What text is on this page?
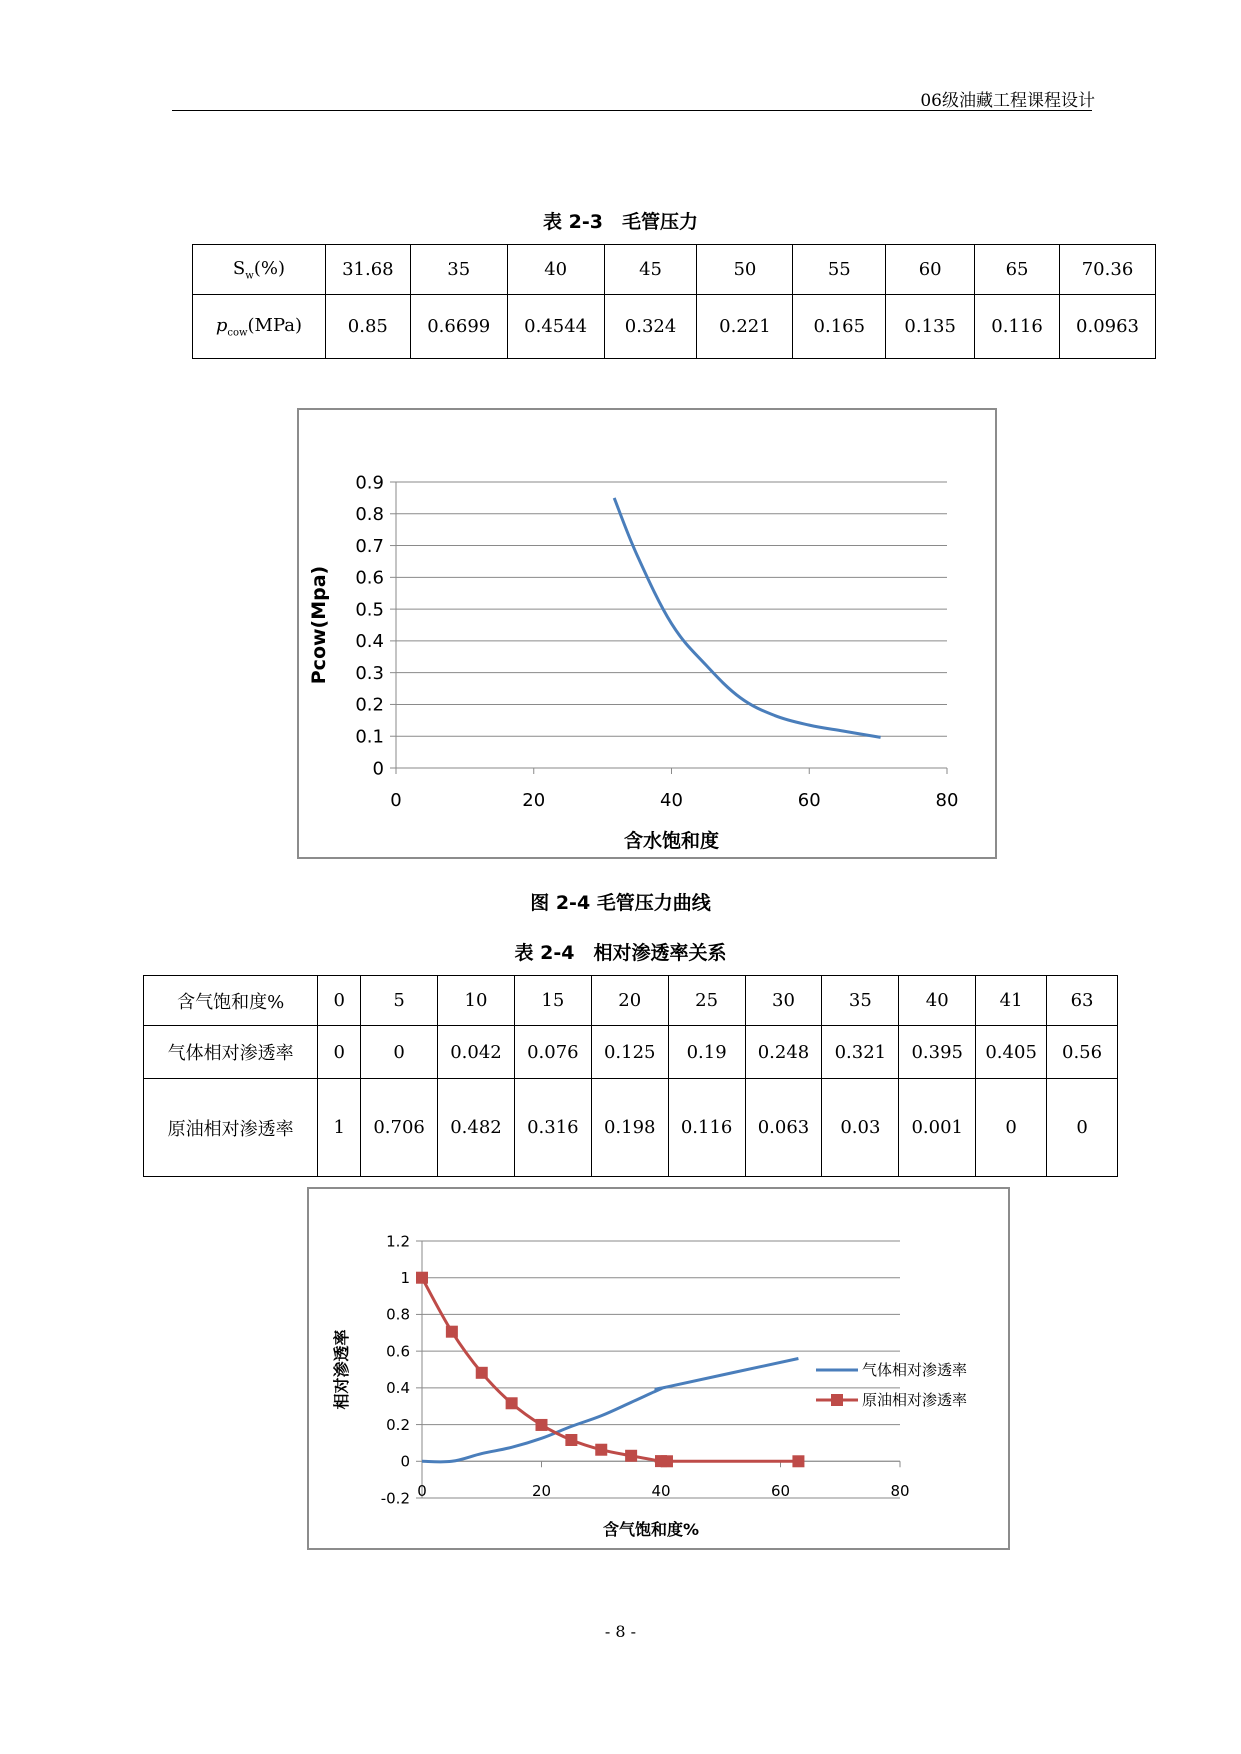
06级油藏工程课程设计
表 2-3　毛管压力
$S_w(\%)$	31.68	35	40	45	50	55	60	65	70.36
$p_{cow}(MPa)$	0.85	0.6699	0.4544	0.324	0.221	0.165	0.135	0.116	0.0963
0
0.1
0.2
0.3
0.4
0.5
0.6
0.7
0.8
0.9
0	20	40	60	80
含水饱和度
Pcow(Mpa)
图 2-4 毛管压力曲线
表 2-4　相对渗透率关系
含气饱和度%	0	5	10	15	20	25	30	35	40	41	63
气体相对渗透率	0	0	0.042	0.076	0.125	0.19	0.248	0.321	0.395	0.405	0.56
原油相对渗透率	1	0.706	0.482	0.316	0.198	0.116	0.063	0.03	0.001	0	0
-0.2
0
0.2
0.4
0.6
0.8
1
1.2
0	20	40	60	80
含气饱和度%
相对渗透率	气体相对渗透率
原油相对渗透率
- 8 -
